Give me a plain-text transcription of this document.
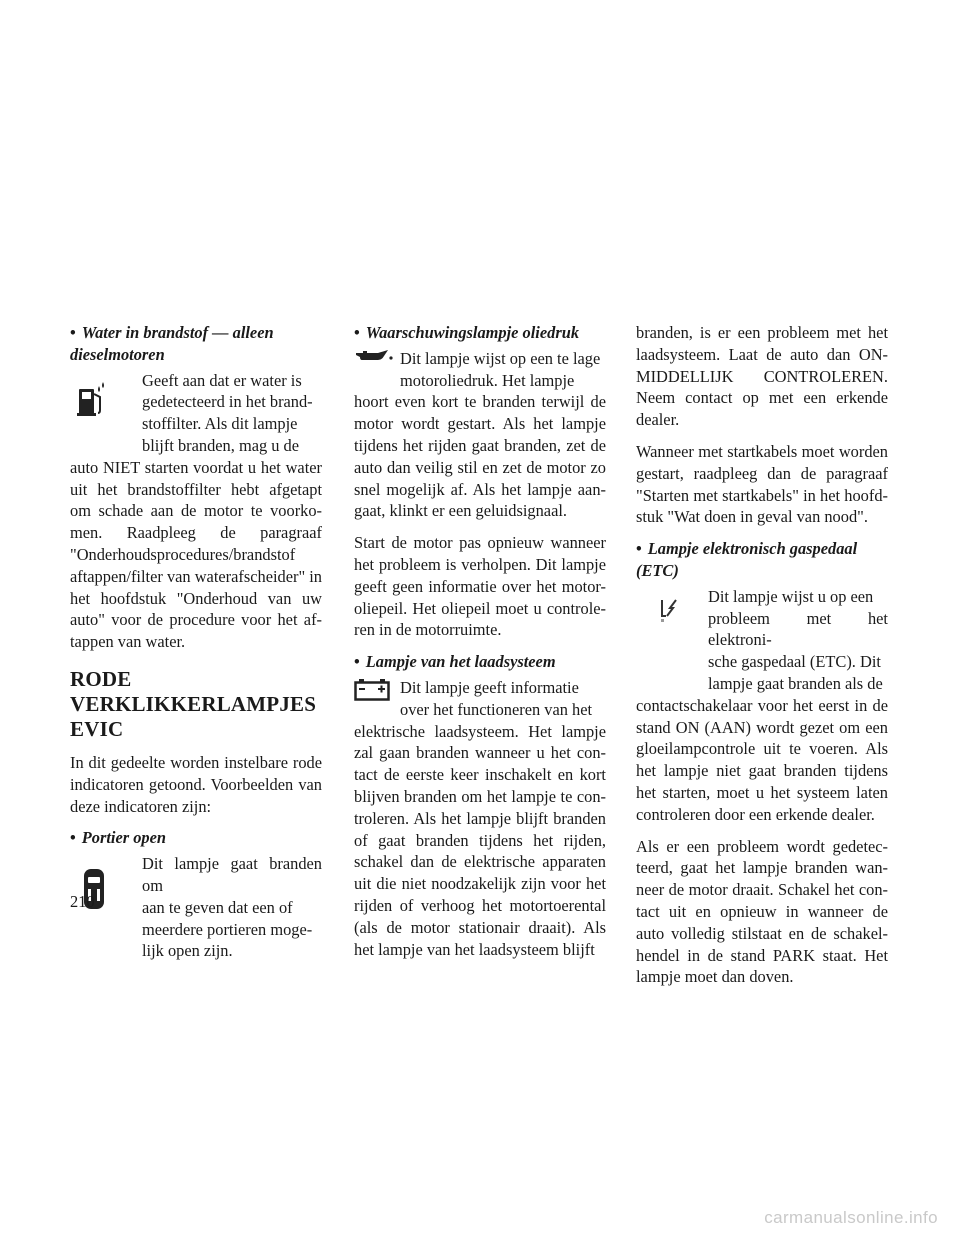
• Water in brandstof — alleen
dieselmotoren

Geeft aan dat er water is
gedetecteerd in het brand-
stoffilter. Als dit lampje
blijft branden, mag u de

auto NIET starten voordat u het water uit het brandstoffilter hebt afgetapt om schade aan de motor te voorko-men. Raadpleeg de paragraaf "Onderhoudsprocedures/brandstof aftappen/filter van waterafscheider" in het hoofdstuk "Onderhoud van uw auto" voor de procedure voor het af-tappen van water.

RODE
VERKLIKKERLAMPJES
EVIC

In dit gedeelte worden instelbare rode indicatoren getoond. Voorbeelden van deze indicatoren zijn:

• Portier open

Dit lampje gaat branden om
aan te geven dat een of
meerdere portieren moge-
lijk open zijn.

• Waarschuwingslampje oliedruk

Dit lampje wijst op een te lage
motoroliedruk. Het lampje

hoort even kort te branden terwijl de motor wordt gestart. Als het lampje tijdens het rijden gaat branden, zet de auto dan veilig stil en zet de motor zo snel mogelijk af. Als het lampje aan-gaat, klinkt er een geluidsignaal.

Start de motor pas opnieuw wanneer het probleem is verholpen. Dit lampje geeft geen informatie over het motor-oliepeil. Het oliepeil moet u controle-ren in de motorruimte.

• Lampje van het laadsysteem

Dit lampje geeft informatie
over het functioneren van het

elektrische laadsysteem. Het lampje zal gaan branden wanneer u het con-tact de eerste keer inschakelt en kort blijven branden om het lampje te con-troleren. Als het lampje blijft branden of gaat branden tijdens het rijden, schakel dan de elektrische apparaten uit die niet noodzakelijk zijn voor het rijden of verhoog het motortoerental (als de motor stationair draait). Als het lampje van het laadsysteem blijft

branden, is er een probleem met het laadsysteem. Laat de auto dan ON-MIDDELLIJK CONTROLEREN. Neem contact op met een erkende dealer.

Wanneer met startkabels moet worden gestart, raadpleeg dan de paragraaf "Starten met startkabels" in het hoofd-stuk "Wat doen in geval van nood".

• Lampje elektronisch gaspedaal
(ETC)

Dit lampje wijst u op een
probleem met het elektroni-
sche gaspedaal (ETC). Dit
lampje gaat branden als de

contactschakelaar voor het eerst in de stand ON (AAN) wordt gezet om een gloeilampcontrole uit te voeren. Als het lampje niet gaat branden tijdens het starten, moet u het systeem laten controleren door een erkende dealer.

Als er een probleem wordt gedetec-teerd, gaat het lampje branden wan-neer de motor draait. Schakel het con-tact uit en opnieuw in wanneer de auto volledig stilstaat en de schakel-hendel in de stand PARK staat. Het lampje moet dan doven.

210
carmanualsonline.info
